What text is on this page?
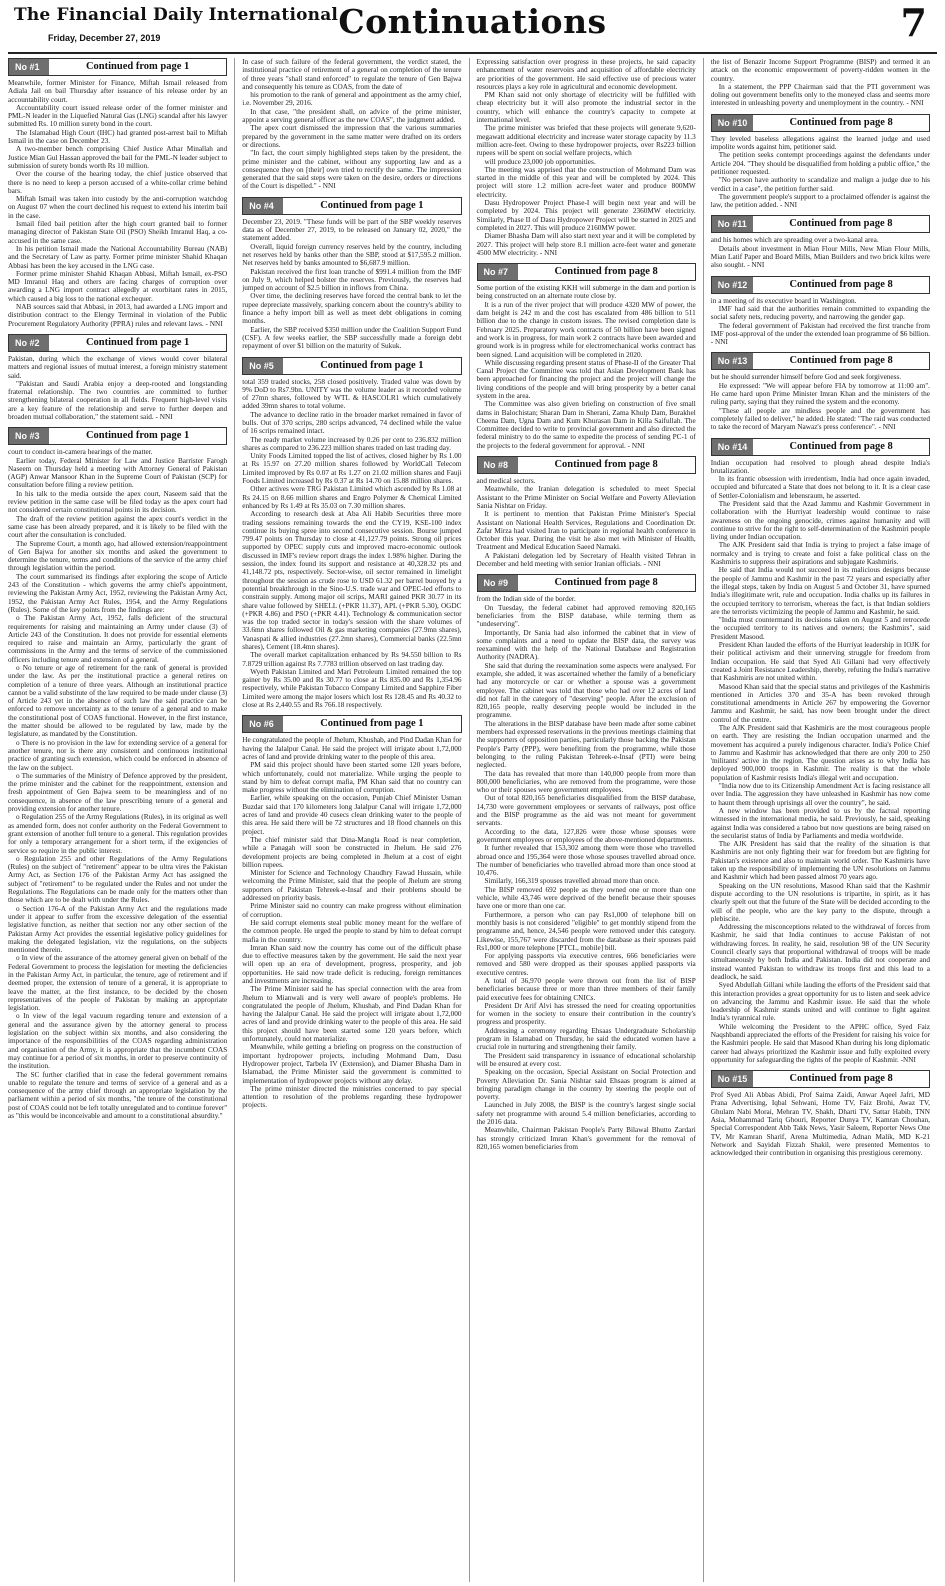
The Financial Daily International
Friday, December 27, 2019	Continuations	7
No #1	Continued from page 1

Meanwhile, former Minister for Finance, Miftah Ismail released from Adiala Jail on bail Thursday after issuance of his release order by an accountability court.

Accountability court issued release order of the former minister and PML-N leader in the Liquefied Natural Gas (LNG) scandal after his lawyer submitted Rs. 10 million surety bond in the court.

The Islamabad High Court (IHC) had granted post-arrest bail to Miftah Ismail in the case on December 23.

A two-member bench comprising Chief Justice Athar Minallah and Justice Mian Gul Hassan approved the bail for the PML-N leader subject to submission of surety bonds worth Rs 10 million.

Over the course of the hearing today, the chief justice observed that there is no need to keep a person accused of a white-collar crime behind bars.

Miftah Ismail was taken into custody by the anti-corruption watchdog on August 07 when the court declined his request to extend his interim bail in the case.

Ismail filed bail petition after the high court granted bail to former managing director of Pakistan State Oil (PSO) Sheikh Imranul Haq, a co-accused in the same case.

In his petition Ismail made the National Accountability Bureau (NAB) and the Secretary of Law as party. Former prime minister Shahid Khaqan Abbasi has been the key accused in the LNG case.

Former prime minister Shahid Khaqan Abbasi, Miftah Ismail, ex-PSO MD Imranul Haq and others are facing charges of corruption over awarding a LNG import contract allegedly at exorbitant rates in 2015, which caused a big loss to the national exchequer.

NAB sources said that Abbasi, in 2013, had awarded a LNG import and distribution contract to the Elengy Terminal in violation of the Public Procurement Regulatory Authority (PPRA) rules and relevant laws. - NNI

No #2	Continued from page 1

Pakistan, during which the exchange of views would cover bilateral matters and regional issues of mutual interest, a foreign ministry statement said.

"Pakistan and Saudi Arabia enjoy a deep-rooted and longstanding fraternal relationship. The two countries are committed to further strengthening bilateral cooperation in all fields. Frequent high-level visits are a key feature of the relationship and serve to further deepen and broaden mutual collaboration," the statement said. - NNI

No #3	Continued from page 1

court to conduct in-camera hearings of the matter.

Earlier today, Federal Minister for Law and Justice Barrister Farogh Naseem on Thursday held a meeting with Attorney General of Pakistan (AGP) Anwar Mansoor Khan in the Supreme Court of Pakistan (SCP) for consultation before filing a review petition.

In his talk to the media outside the apex court, Naseem said that the review petition in the same case will be filed today as the apex court had not considered certain constitutional points in its decision.

The draft of the review petition against the apex court's verdict in the same case has been already prepared, and it is likely to be filed with the court after the consultation is concluded.

The Supreme Court, a month ago, had allowed extension/reappointment of Gen Bajwa for another six months and asked the government to determine the tenure, terms and conditions of the service of the army chief through legislation within the period.

The court summarised its findings after exploring the scope of Article 243 of the Constitution - which governs the army chief's appointment, reviewing the Pakistan Army Act, 1952, reviewing the Pakistan Army Act, 1952, the Pakistan Army Act Rules, 1954, and the Army Regulations (Rules). Some of the key points from the findings are:

o The Pakistan Army Act, 1952, falls deficient of the structural requirements for raising and maintaining an Army under clause (3) of Article 243 of the Constitution. It does not provide for essential elements required to raise and maintain an Army, particularly the grant of commissions in the Army and the terms of service of the commissioned officers including tenure and extension of a general.

o No tenure or age of retirement for the rank of general is provided under the law. As per the institutional practice a general retires on completion of a tenure of three years. Although an institutional practice cannot be a valid substitute of the law required to be made under clause (3) of Article 243 yet in the absence of such law the said practice can be enforced to remove uncertainty as to the tenure of a general and to make the constitutional post of COAS functional. However, in the first instance, the matter should be allowed to be regulated by law, made by the legislature, as mandated by the Constitution.

o There is no provision in the law for extending service of a general for another tenure, nor is there any consistent and continuous institutional practice of granting such extension, which could be enforced in absence of the law on the subject.

o The summaries of the Ministry of Defence approved by the president, the prime minister and the cabinet for the reappointment, extension and fresh appointment of Gen Bajwa seem to be meaningless and of no consequence, in absence of the law prescribing tenure of a general and providing extension for another tenure.

o Regulation 255 of the Army Regulations (Rules), in its original as well as amended form, does not confer authority on the Federal Government to grant extension of another full tenure to a general. This regulation provides for only a temporary arrangement for a short term, if the exigencies of service so require in the public interest.

o Regulation 255 and other Regulations of the Army Regulations (Rules) on the subject of "retirement" appear to be ultra vires the Pakistan Army Act, as Section 176 of the Pakistan Army Act has assigned the subject of "retirement" to be regulated under the Rules and not under the Regulations. The Regulations can be made only for the matters other than those which are to be dealt with under the Rules.

o Section 176-A of the Pakistan Army Act and the regulations made under it appear to suffer from the excessive delegation of the essential legislative function, as neither that section nor any other section of the Pakistan Army Act provides the essential legislative policy guidelines for making the delegated legislation, viz the regulations, on the subjects mentioned therein.

o In view of the assurance of the attorney general given on behalf of the Federal Government to process the legislation for meeting the deficiencies in the Pakistan Army Act, in particular, the tenure, age of retirement and if deemed proper, the extension of tenure of a general, it is appropriate to leave the matter, at the first instance, to be decided by the chosen representatives of the people of Pakistan by making an appropriate legislation.

o In view of the legal vacuum regarding tenure and extension of a general and the assurance given by the attorney general to process legislation on the subject within six months, and also considering the importance of the responsibilities of the COAS regarding administration and organisation of the Army, it is appropriate that the incumbent COAS may continue for a period of six months, in order to preserve continuity of the institution.

The SC further clarified that in case the federal government remains unable to regulate the tenure and terms of service of a general and as a consequence of the army chief through an appropriate legislation by the parliament within a period of six months, "the tenure of the constitutional post of COAS could not be left totally unregulated and to continue forever" as "this would be inconceivable and amount to a constitutional absurdity."

In case of such failure of the federal government, the verdict stated, the institutional practice of retirement of a general on completion of the tenure of three years "shall stand enforced" to regulate the tenure of Gen Bajwa and consequently his tenure as COAS, from the date of

his promotion to the rank of general and appointment as the army chief, i.e. November 29, 2016.

In that case, "the president shall, on advice of the prime minister, appoint a serving general officer as the new COAS", the judgment added.

The apex court dismissed the impression that the various summaries prepared by the government in the same matter were drafted on its orders or directions.

"In fact, the court simply highlighted steps taken by the president, the prime minister and the cabinet, without any supporting law and as a consequence they on [their] own tried to rectify the same. The impression generated that the said steps were taken on the desire, orders or directions of the Court is dispelled." - NNI

No #4	Continued from page 1

December 23, 2019. "These funds will be part of the SBP weekly reserves data as of December 27, 2019, to be released on January 02, 2020," the statement added.

Overall, liquid foreign currency reserves held by the country, including net reserves held by banks other than the SBP, stood at $17,595.2 million. Net reserves held by banks amounted to $6,687.9 million.

Pakistan received the first loan tranche of $991.4 million from the IMF on July 9, which helped bolster the reserves. Previously, the reserves had jumped on account of $2.5 billion in inflows from China.

Over time, the declining reserves have forced the central bank to let the rupee depreciate massively, sparking concern about the country's ability to finance a hefty import bill as well as meet debt obligations in coming months.

Earlier, the SBP received $350 million under the Coalition Support Fund (CSF). A few weeks earlier, the SBP successfully made a foreign debt repayment of over $1 billion on the maturity of Sukuk.

No #5	Continued from page 1

total 359 traded stocks, 258 closed positively. Traded value was down by 9% DoD to Rs7.9bn. UNITY was the volume leader as it recorded volume of 27mn shares, followed by WTL & HASCOLR1 which cumulatively added 39mn shares to total volume.

The advance to decline ratio in the broader market remained in favor of bulls. Out of 370 scrips, 280 scrips advanced, 74 declined while the value of 16 scrips remained intact.

The ready market volume increased by 0.26 per cent to 236.832 million shares as compared to 236.223 million shares traded on last trading day.

Unity Foods Limited topped the list of actives, closed higher by Rs 1.00 at Rs 15.97 on 27.20 million shares followed by WorldCall Telecom Limited improved by Rs 0.07 at Rs 1.27 on 21.02 million shares and Fauji Foods Limited increased by Rs 0.37 at Rs 14.70 on 15.88 million shares.

Other actives were TRG Pakistan Limited which ascended by Rs 1.08 at Rs 24.15 on 8.66 million shares and Engro Polymer & Chemical Limited enhanced by Rs 1.49 at Rs 35.03 on 7.30 million shares.

According to research desk at Aba Ali Habib Securities three more trading sessions remaining towards the end the CY19, KSE-100 index continue its buying spree into second consecutive session. Bourse jumped 799.47 points on Thursday to close at 41,127.79 points. Strong oil prices supported by OPEC supply cuts and improved macro-economic outlook discussed in IMF's review report drags the index 1.98% higher. During the session, the index found its support and resistance at 40,328.32 pts and 41,148.72 pts, respectively. Sector-wise, oil sector remained in limelight throughout the session as crude rose to USD 61.32 per barrel buoyed by a potential breakthrough in the Sino-U.S. trade war and OPEC-led efforts to constrain supply. Among major oil scrips, MARI gained PKR 30.77 in its share value followed by SHELL (+PKR 11.37), APL (+PKR 5.30), OGDC (+PKR 4.86) and PSO (+PKR 4.41). Technology & communication sector was the top traded sector in today's session with the share volumes of 33.6mn shares followed Oil & gas marketing companies (27.9mn shares), Vanaspati & allied industries (27.2mn shares), Commercial banks (22.5mn shares), Cement (18.4mn shares).

The overall market capitalization enhanced by Rs 94.550 billion to Rs 7.8729 trillion against Rs 7.7783 trillion observed on last trading day.

Wyeth Pakistan Limited and Mari Petroleum Limited remained the top gainer by Rs 35.00 and Rs 30.77 to close at Rs 835.00 and Rs 1,354.96 respectively, while Pakistan Tobacco Company Limited and Sapphire Fiber Limited were among the major losers which lost Rs 128.45 and Rs 40.32 to close at Rs 2,440.55 and Rs 766.18 respectively.

No #6	Continued from page 1

He congratulated the people of Jhelum, Khushab, and Pind Dadan Khan for having the Jalalpur Canal. He said the project will irrigate about 1,72,000 acres of land and provide drinking water to the people of this area.

PM said this project should have been started some 120 years before, which unfortunately, could not materialize. While urging the people to stand by him to defeat corrupt mafia, PM Khan said that no country can make progress without the elimination of corruption.

Earlier, while speaking on the occasion, Punjab Chief Minister Usman Buzdar said that 170 kilometers long Jalalpur Canal will irrigate 1,72,000 acres of land and provide 40 cusecs clean drinking water to the people of this area. He said there will be 72 structures and 18 flood channels on this project.

The chief minister said that Dina-Mangla Road is near completion, while a Panagah will soon be constructed in Jhelum. He said 276 development projects are being completed in Jhelum at a cost of eight billion rupees.

Minister for Science and Technology Chaudhry Fawad Hussain, while welcoming the Prime Minister, said that the people of Jhelum are strong supporters of Pakistan Tehreek-e-Insaf and their problems should be addressed on priority basis.

Prime Minister said no country can make progress without elimination of corruption.

He said corrupt elements steal public money meant for the welfare of the common people. He urged the people to stand by him to defeat corrupt mafia in the country.

Imran Khan said now the country has come out of the difficult phase due to effective measures taken by the government. He said the next year will open up an era of development, progress, prosperity, and job opportunities. He said now trade deficit is reducing, foreign remittances and investments are increasing.

The Prime Minister said he has special connection with the area from Jhelum to Mianwali and is very well aware of people's problems. He congratulated the people of Jhelum, Khushab, and Pind Dadan Khan for having the Jalalpur Canal. He said the project will irrigate about 1,72,000 acres of land and provide drinking water to the people of this area. He said this project should have been started some 120 years before, which unfortunately, could not materialize.

Meanwhile, while getting a briefing on progress on the construction of important hydropower projects, including Mohmand Dam, Dasu Hydropower project, Tarbela IV (Extension), and Diamer Bhasha Dam in Islamabad, the Prime Minister said the government is committed to implementation of hydropower projects without any delay.

The prime minister directed the ministries concerned to pay special attention to resolution of the problems regarding these hydropower projects.

Expressing satisfaction over progress in these projects, he said capacity enhancement of water reservoirs and acquisition of affordable electricity are priorities of the government. He said effective use of precious water resources plays a key role in agricultural and economic development.

PM Khan said not only shortage of electricity will be fulfilled with cheap electricity but it will also promote the industrial sector in the country, which will enhance the country's capacity to compete at international level.

The prime minister was briefed that these projects will generate 9,620-megawatt additional electricity and increase water storage capacity by 11.3 million acre-feet. Owing to these hydropower projects, over Rs223 billion rupees will be spent on social welfare projects, which

will produce 23,000 job opportunities.

The meeting was apprised that the construction of Mohmand Dam was started in the middle of this year and will be completed by 2024. This project will store 1.2 million acre-feet water and produce 800MW electricity.

Dasu Hydropower Project Phase-I will begin next year and will be completed by 2024. This project will generate 2360MW electricity. Similarly, Phase II of Dasu Hydropower Project will be started in 2025 and completed in 2027. This will produce 2160MW power.

Diamer Bhasha Dam will also start next year and it will be completed by 2027. This project will help store 8.1 million acre-feet water and generate 4500 MW electricity. - NNI

No #7	Continued from page 8

Some portion of the existing KKH will submerge in the dam and portion is being constructed on an alternate route close by.

It is a run of the river project that will produce 4320 MW of power, the dam height is 242 m and the cost has escalated from 486 billion to 511 billion due to the change in custom issues. The revised completion date is February 2025. Preparatory work contracts of 50 billion have been signed and work is in progress, for main work 2 contracts have been awarded and ground work is in progress while for electromechanical works contract has been signed. Land acquisition will be completed in 2020.

While discussing regarding present status of Phase-II of the Greater Thal Canal Project the Committee was told that Asian Development Bank has been approached for financing the project and the project will change the living conditions of the people and will bring prosperity by a better canal system in the area.

The Committee was also given briefing on construction of five small dams in Balochistan; Sharan Dam in Sherani, Zama Khulp Dam, Burakhel Cheena Dam, Ugna Dam and Kum Khurasan Dam in Killa Saifullah. The Committee decided to write to provincial government and also directed the federal ministry to do the same to expedite the process of sending PC-1 of the projects to the federal government for approval. - NNI

No #8	Continued from page 8

and medical sectors.

Meanwhile, the Iranian delegation is scheduled to meet Special Assistant to the Prime Minister on Social Welfare and Poverty Alleviation Sania Nishtar on Friday.

It is pertinent to mention that Pakistan Prime Minister's Special Assistant on National Health Services, Regulations and Coordination Dr. Zafar Mirza had visited Iran to participate in regional health conference in October this year. During the visit he also met with Minister of Health, Treatment and Medical Education Saeed Namaki.

A Pakistani delegation led by Secretary of Health visited Tehran in December and held meeting with senior Iranian officials. - NNI

No #9	Continued from page 8

from the Indian side of the border.

On Tuesday, the federal cabinet had approved removing 820,165 beneficiaries from the BISP database, while terming them as "undeserving".

Importantly, Dr Sania had also informed the cabinet that in view of some complaints and a need to update the BISP data, the survey was reexamined with the help of the National Database and Registration Authority (NADRA).

She said that during the reexamination some aspects were analysed. For example, she added, it was ascertained whether the family of a beneficiary had any motorcycle or car or whether a spouse was a government employee. The cabinet was told that those who had over 12 acres of land did not fall in the category of "deserving" people. After the exclusion of 820,165 people, really deserving people would be included in the programme.

The alterations in the BISP database have been made after some cabinet members had expressed reservations in the previous meetings claiming that the supporters of opposition parties, particularly those backing the Pakistan People's Party (PPP), were benefiting from the programme, while those belonging to the ruling Pakistan Tehreek-e-Insaf (PTI) were being neglected.

The data has revealed that more than 140,000 people from more than 800,000 beneficiaries, who are removed from the programme, were those who or their spouses were government employees.

Out of total 820,165 beneficiaries disqualified from the BISP database, 14,730 were government employees or servants of railways, post office and the BISP programme as the aid was not meant for government servants.

According to the data, 127,826 were those whose spouses were government employees or employees of the above-mentioned departments.

It further revealed that 153,302 among them were those who travelled abroad once and 195,364 were those whose spouses travelled abroad once. The number of beneficiaries who travelled abroad more than once stood at 10,476.

Similarly, 166,319 spouses travelled abroad more than once.

The BISP removed 692 people as they owned one or more than one vehicle, while 43,746 were deprived of the benefit because their spouses have one or more than one car.

Furthermore, a person who can pay Rs1,000 of telephone bill on monthly basis is not considered "eligible" to get monthly stipend from the programme and, hence, 24,546 people were removed under this category. Likewise, 155,767 were discarded from the database as their spouses paid Rs1,000 or more telephone [PTCL, mobile] bill.

For applying passports via executive centres, 666 beneficiaries were removed and 580 were dropped as their spouses applied passports via executive centres.

A total of 36,970 people were thrown out from the list of BISP beneficiaries because three or more than three members of their family paid executive fees for obtaining CNICs.

President Dr Arif Alvi has stressed the need for creating opportunities for women in the society to ensure their contribution in the country's progress and prosperity.

Addressing a ceremony regarding Ehsaas Undergraduate Scholarship program in Islamabad on Thursday, he said the educated women have a crucial role in nurturing and strengthening their family.

The President said transparency in issuance of educational scholarship will be ensured at every cost.

Speaking on the occasion, Special Assistant on Social Protection and Poverty Alleviation Dr. Sania Nishtar said Ehsaas program is aimed at bringing paradigm change in the country by steering the people out of poverty.

Launched in July 2008, the BISP is the country's largest single social safety net programme with around 5.4 million beneficiaries, according to the 2016 data.

Meanwhile, Chairman Pakistan People's Party Bilawal Bhutto Zardari has strongly criticized Imran Khan's government for the removal of 820,165 women beneficiaries from

the list of Benazir Income Support Programme (BISP) and termed it an attack on the economic empowerment of poverty-ridden women in the country.

In a statement, the PPP Chairman said that the PTI government was doling out government benefits only to the moneyed class and seems more interested in unleashing poverty and unemployment in the country. - NNI

No #10	Continued from page 8

They leveled baseless allegations against the learned judge and used impolite words against him, petitioner said.

The petition seeks contempt proceedings against the defendants under Article 204. "They should be disqualified from holding a public office," the petitioner requested.

"No person have authority to scandalize and malign a judge due to his verdict in a case", the petition further said.

The government people's support to a proclaimed offender is against the law, the petition added. - NNI

No #11	Continued from page 8

and his homes which are spreading over a two-kanal area.

Details about investment in Mian Flour Mills, New Mian Flour Mills, Mian Latif Paper and Board Mills, Mian Builders and two brick kilns were also sought. - NNI

No #12	Continued from page 8

in a meeting of its executive board in Washington.

IMF had said that the authorities remain committed to expanding the social safety nets, reducing poverty, and narrowing the gender gap.

The federal government of Pakistan had received the first tranche from IMF post-approval of the under the extended loan programme of $6 billion. - NNI

No #13	Continued from page 8

but he should surrender himself before God and seek forgiveness.

He expressed: "We will appear before FIA by tomorrow at 11:00 am". He came hard upon Prime Minister Imran Khan and the ministers of the ruling party, saying that they ruined the system and the economy.

"These all people are mindless people and the government has completely failed to deliver," he added. He stated: "The raid was conducted to take the record of Maryam Nawaz's press conference". - NNI

No #14	Continued from page 8

Indian occupation had resolved to plough ahead despite India's brutalization.

In its frantic obsession with irredentism, India had once again invaded, occupied and bifurcated a State that does not belong to it. It is a clear case of Settler-Colonialism and lebensraum, he asserted.

The President said that the Azad Jammu and Kashmir Government in collaboration with the Hurriyat leadership would continue to raise awareness on the ongoing genocide, crimes against humanity and will continue to strive for the right to self-determination of the Kashmiri people living under Indian occupation.

The AJK President said that India is trying to project a false image of normalcy and is trying to create and foist a fake political class on the Kashmiris to suppress their aspirations and subjugate Kashmiris.

He said that India would not succeed in its malicious designs because the people of Jammu and Kashmir in the past 72 years and especially after the illegal steps, taken by India on August 5 and October 31, have spurned India's illegitimate writ, rule and occupation. India chalks up its failures in the occupied territory to terrorism, whereas the fact, is that Indian soldiers are the terrorists victimizing the people of Jammu and Kashmir, he said.

"India must countermand its decisions taken on August 5 and retrocede the occupied territory to its natives and owners; the Kashmirs", said President Masood.

President Khan lauded the efforts of the Hurriyat leadership in IOJK for their political activism and their unnerving struggle for freedom from Indian occupation. He said that Syed Ali Gillani had very effectively created a Joint Resistance Leadership, thereby, refuting the India's narrative that Kashmiris are not united within.

Masood Khan said that the special status and privileges of the Kashmiris mentioned in Articles 370 and 35-A has been revoked through constitutional amendments in Article 267 by empowering the Governor Jammu and Kashmir, he said, has now been brought under the direct control of the centre.

The AJK President said that Kashmiris are the most courageous people on earth. They are resisting the Indian occupation unarmed and the movement has acquired a purely indigenous character. India's Police Chief to Jammu and Kashmir has acknowledged that there are only 200 to 250 'militants' active in the region. The question arises as to why India has deployed 900,000 troops in Kashmir. The reality is that the whole population of Kashmir resists India's illegal writ and occupation.

"India now due to its Citizenship Amendment Act is facing resistance all over India. The aggression they have unleashed in Kashmir has now come to haunt them through uprisings all over the country", he said.

A new window has been provided to us by the factual reporting witnessed in the international media, he said. Previously, he said, speaking against India was considered a taboo but now questions are being raised on the secularist status of India by Parliaments and media worldwide.

The AJK President has said that the reality of the situation is that Kashmiris are not only fighting their war for freedom but are fighting for Pakistan's existence and also to maintain world order. The Kashmiris have taken up the responsibility of implementing the UN resolutions on Jammu and Kashmir which had been passed almost 70 years ago.

Speaking on the UN resolutions, Masood Khan said that the Kashmir dispute according to the UN resolutions is tripartite, in spirit, as it has clearly spelt out that the future of the State will be decided according to the will of the people, who are the key party to the dispute, through a plebiscite.

Addressing the misconceptions related to the withdrawal of forces from Kashmir, he said that India continues to accuse Pakistan of not withdrawing forces. In reality, he said, resolution 98 of the UN Security Council clearly says that proportional withdrawal of troops will be made simultaneously by both India and Pakistan. India did not cooperate and instead wanted Pakistan to withdraw its troops first and this lead to a deadlock, he said.

Syed Abdullah Gillani while lauding the efforts of the President said that this interaction provides a great opportunity for us to listen and seek advice on advancing the Jammu and Kashmir issue. He said that the whole leadership of Kashmir stands united and will continue to fight against India's tyrannical rule.

While welcoming the President to the APHC office, Syed Faiz Naqshbandi appreciated the efforts of the President for raising his voice for the Kashmiri people. He said that Masood Khan during his long diplomatic career had always prioritized the Kashmir issue and fully exploited every opportunity for safeguarding the rights of the people of Kashmir. -NNI

No #15	Continued from page 8

Prof Syed Ali Abbas Abidi, Prof Saima Zaidi, Anwar Aqeel Jafri, MD Prana Advertising, Iqbal Sehwani, Home TV, Faiz Brohi, Awaz TV, Ghulam Nabi Morai, Mehran TV, Shakh, Dharti TV, Sattar Habib, TNN Asia, Mohammad Tariq Ghouri, Reporter Dunya TV, Kamran Chouhan, Special Correspondent Abb Takk News, Yasir Saleem, Reporter News One TV, Mr Kamran Sharif, Arena Multimedia, Adnan Malik, MD K-21 Network and Sayidah Fizzah Shakil, were presented Mementos to acknowledged their contribution in organising this prestigious ceremony.
